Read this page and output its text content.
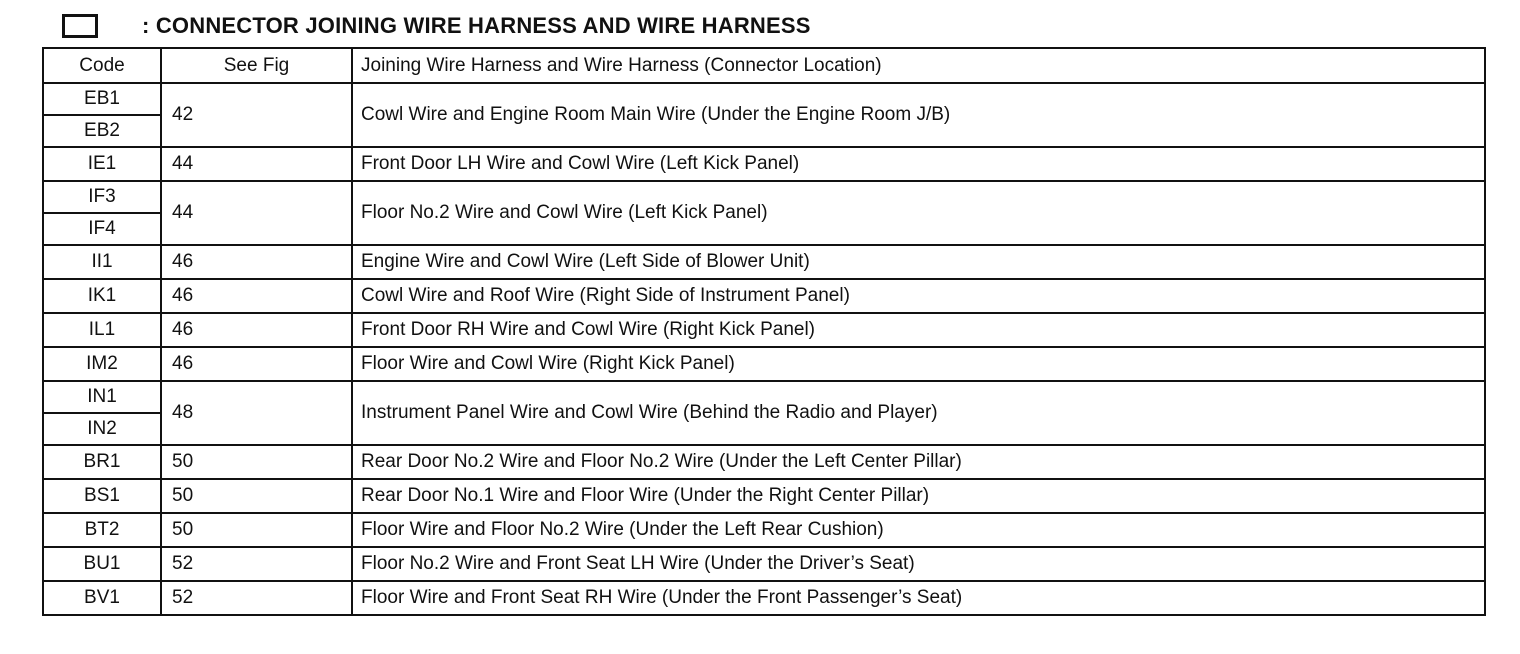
: CONNECTOR JOINING WIRE HARNESS AND WIRE HARNESS
Code	See Fig	Joining Wire Harness and Wire Harness (Connector Location)
EB1	42	Cowl Wire and Engine Room Main Wire (Under the Engine Room J/B)
EB2		
IE1	44	Front Door LH Wire and Cowl Wire (Left Kick Panel)
IF3	44	Floor No.2 Wire and Cowl Wire (Left Kick Panel)
IF4		
II1	46	Engine Wire and Cowl Wire (Left Side of Blower Unit)
IK1	46	Cowl Wire and Roof Wire (Right Side of Instrument Panel)
IL1	46	Front Door RH Wire and Cowl Wire (Right Kick Panel)
IM2	46	Floor Wire and Cowl Wire (Right Kick Panel)
IN1	48	Instrument Panel Wire and Cowl Wire (Behind the Radio and Player)
IN2		
BR1	50	Rear Door No.2 Wire and Floor No.2 Wire (Under the Left Center Pillar)
BS1	50	Rear Door No.1 Wire and Floor Wire (Under the Right Center Pillar)
BT2	50	Floor Wire and Floor No.2 Wire (Under the Left Rear Cushion)
BU1	52	Floor No.2 Wire and Front Seat LH Wire (Under the Driver’s Seat)
BV1	52	Floor Wire and Front Seat RH Wire (Under the Front Passenger’s Seat)
